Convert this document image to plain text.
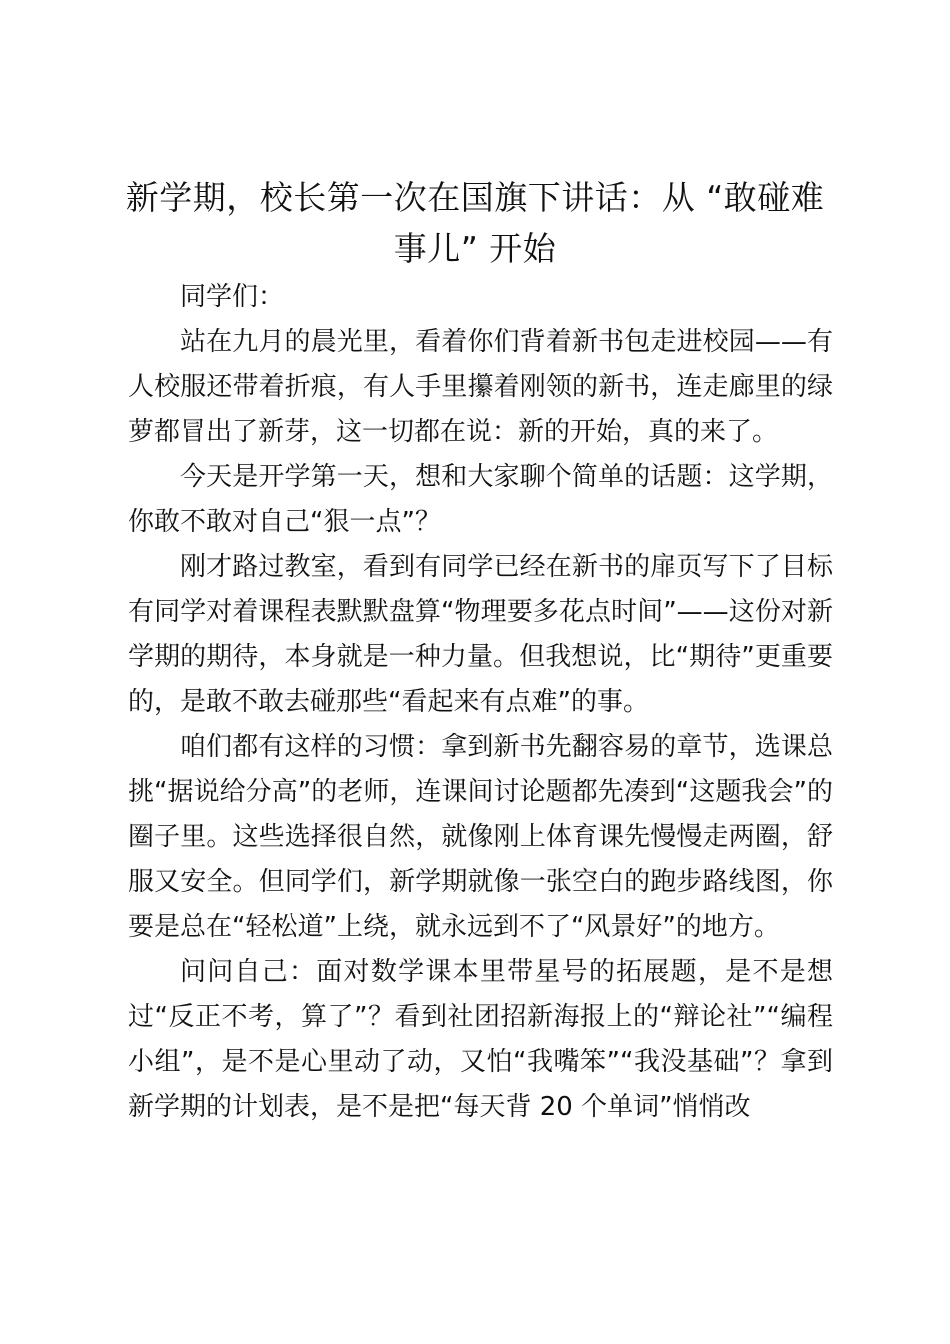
新学期，校长第一次在国旗下讲话：从 “敢碰难事儿” 开始

同学们：

站在九月的晨光里，看着你们背着新书包走进校园——有人校服还带着折痕，有人手里攥着刚领的新书，连走廊里的绿萝都冒出了新芽，这一切都在说：新的开始，真的来了。

今天是开学第一天，想和大家聊个简单的话题：这学期，你敢不敢对自己“狠一点”？

刚才路过教室，看到有同学已经在新书的扉页写下了目标有同学对着课程表默默盘算“物理要多花点时间”——这份对新学期的期待，本身就是一种力量。但我想说，比“期待”更重要的，是敢不敢去碰那些“看起来有点难”的事。

咱们都有这样的习惯：拿到新书先翻容易的章节，选课总挑“据说给分高”的老师，连课间讨论题都先凑到“这题我会”的圈子里。这些选择很自然，就像刚上体育课先慢慢走两圈，舒服又安全。但同学们，新学期就像一张空白的跑步路线图，你要是总在“轻松道”上绕，就永远到不了“风景好”的地方。

问问自己：面对数学课本里带星号的拓展题，是不是想过“反正不考，算了”？看到社团招新海报上的“辩论社”“编程小组”，是不是心里动了动，又怕“我嘴笨”“我没基础”？拿到新学期的计划表，是不是把“每天背 20 个单词”悄悄改
